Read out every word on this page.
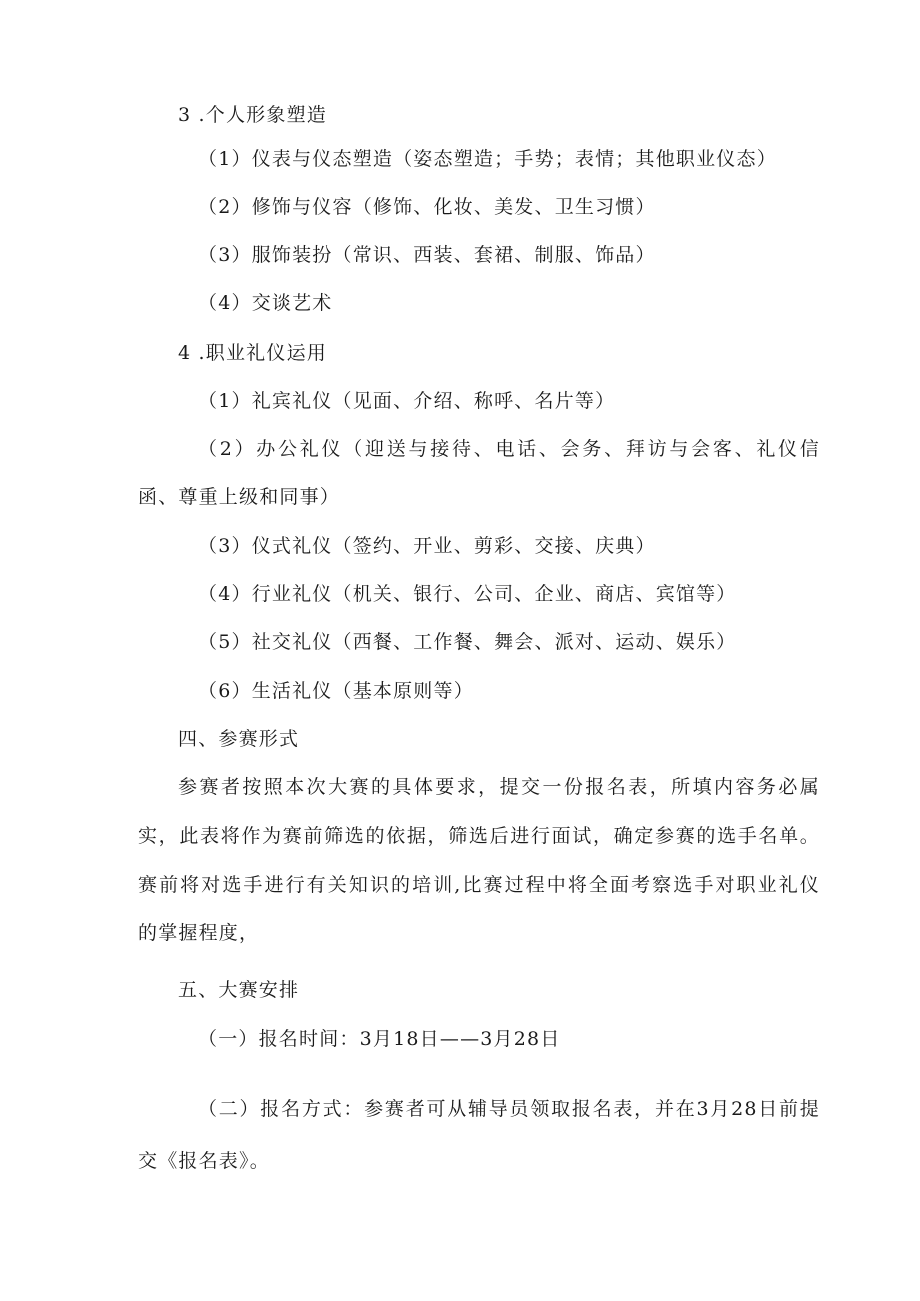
3 .个人形象塑造
（1）仪表与仪态塑造（姿态塑造；手势；表情；其他职业仪态）
（2）修饰与仪容（修饰、化妆、美发、卫生习惯）
（3）服饰装扮（常识、西装、套裙、制服、饰品）
（4）交谈艺术
4 .职业礼仪运用
（1）礼宾礼仪（见面、介绍、称呼、名片等）
（2）办公礼仪（迎送与接待、电话、会务、拜访与会客、礼仪信
函、尊重上级和同事）
（3）仪式礼仪（签约、开业、剪彩、交接、庆典）
（4）行业礼仪（机关、银行、公司、企业、商店、宾馆等）
（5）社交礼仪（西餐、工作餐、舞会、派对、运动、娱乐）
（6）生活礼仪（基本原则等）
四、参赛形式
参赛者按照本次大赛的具体要求，提交一份报名表，所填内容务必属
实，此表将作为赛前筛选的依据，筛选后进行面试，确定参赛的选手名单。
赛前将对选手进行有关知识的培训,比赛过程中将全面考察选手对职业礼仪
的掌握程度，
五、大赛安排
（一）报名时间：3月18日——3月28日
（二）报名方式：参赛者可从辅导员领取报名表，并在3月28日前提
交《报名表》。
